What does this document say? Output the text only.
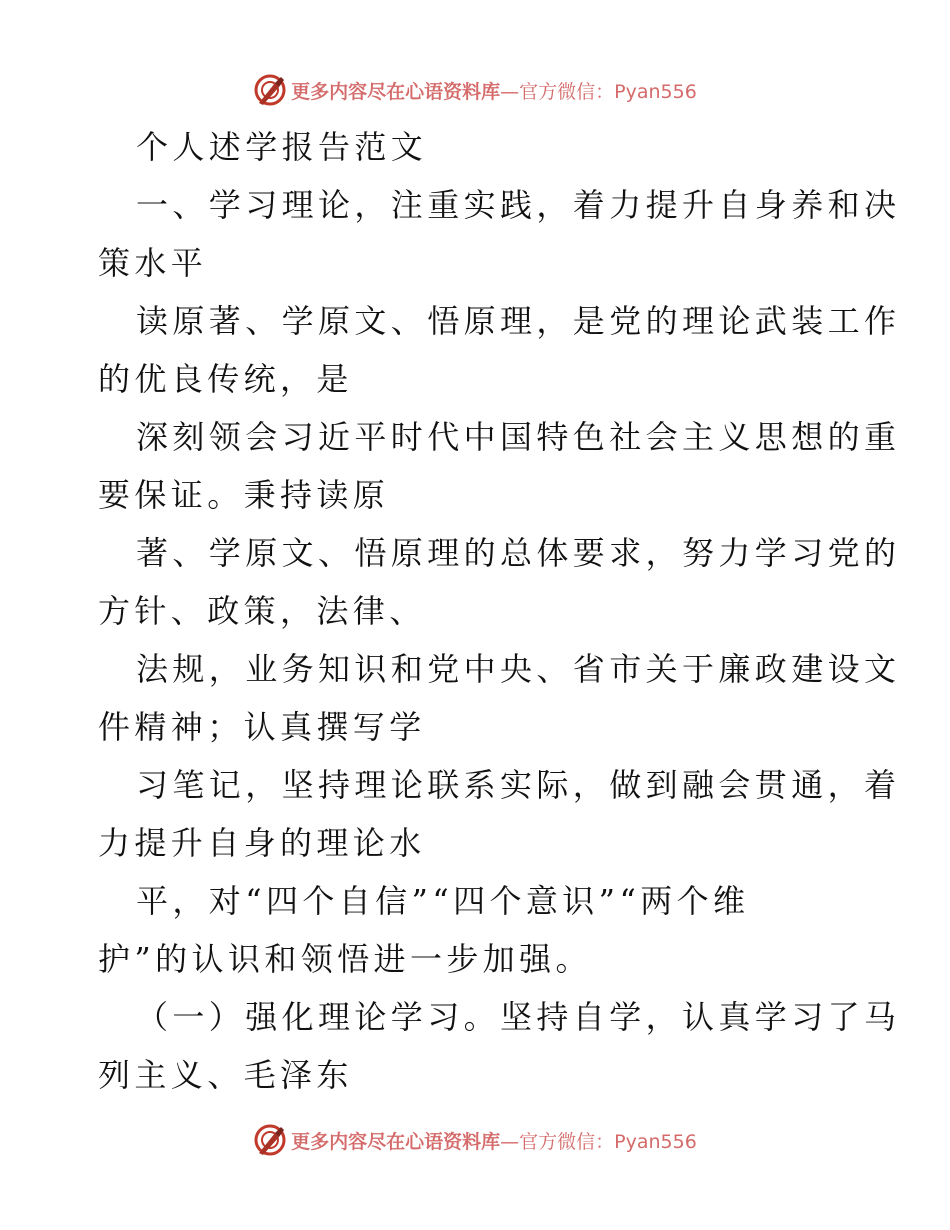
更多内容尽在心语资料库 —官方微信：Pyan556
个人述学报告范文
一、学习理论，注重实践，着力提升自身养和决
策水平
读原著、学原文、悟原理，是党的理论武装工作
的优良传统，是
深刻领会习近平时代中国特色社会主义思想的重
要保证。秉持读原
著、学原文、悟原理的总体要求，努力学习党的
方针、政策，法律、
法规，业务知识和党中央、省市关于廉政建设文
件精神；认真撰写学
习笔记，坚持理论联系实际，做到融会贯通，着
力提升自身的理论水
平，对“四个自信”“四个意识”“两个维
护”的认识和领悟进一步加强。
（一）强化理论学习。坚持自学，认真学习了马
列主义、毛泽东
更多内容尽在心语资料库 —官方微信：Pyan556
